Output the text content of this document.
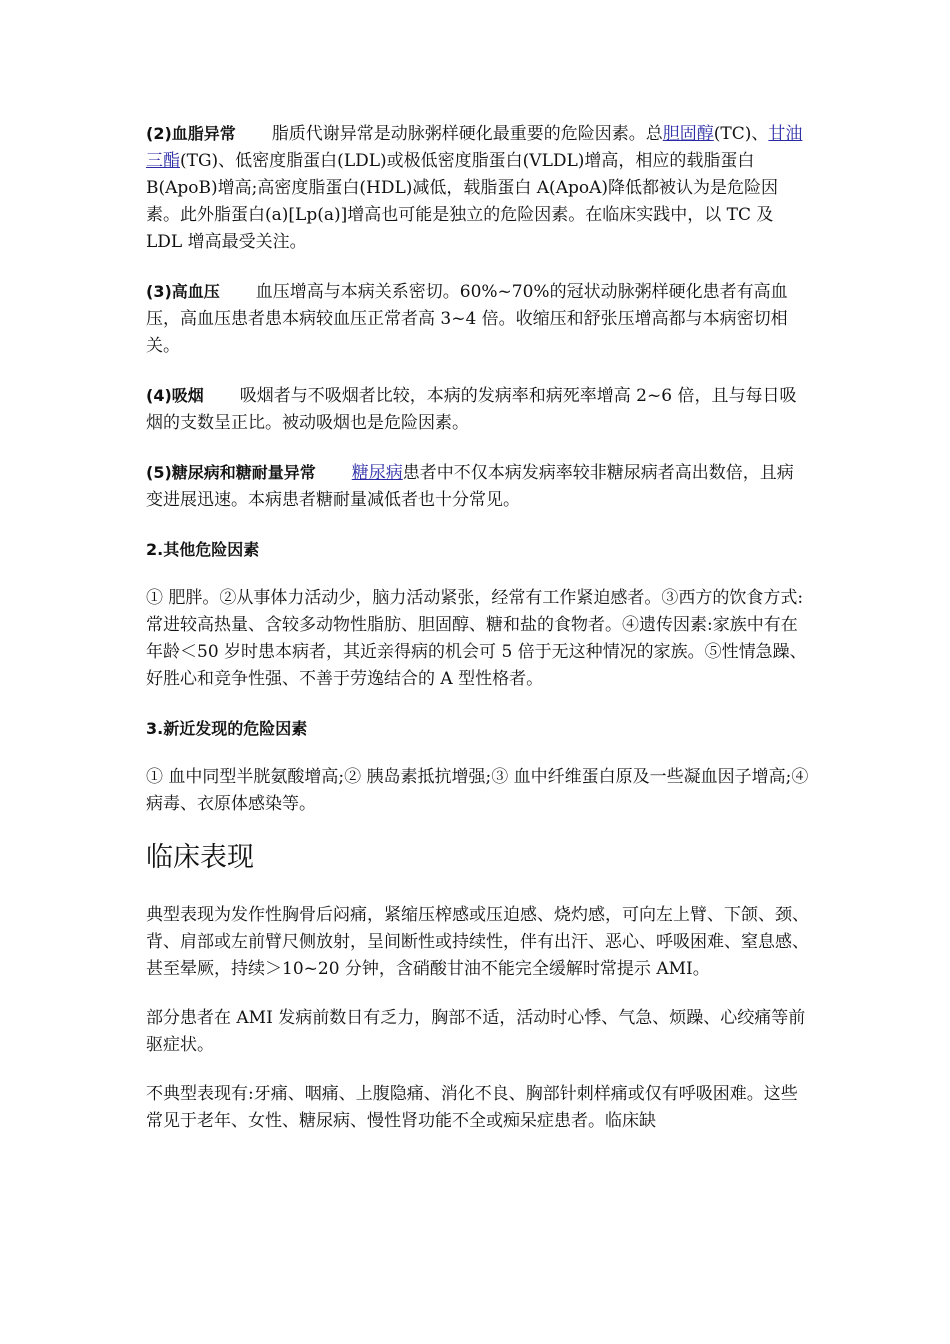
(2)血脂异常 脂质代谢异常是动脉粥样硬化最重要的危险因素。总胆固醇(TC)、甘油三酯(TG)、低密度脂蛋白(LDL)或极低密度脂蛋白(VLDL)增高，相应的载脂蛋白 B(ApoB)增高;高密度脂蛋白(HDL)减低，载脂蛋白 A(ApoA)降低都被认为是危险因素。此外脂蛋白(a)[Lp(a)]增高也可能是独立的危险因素。在临床实践中，以 TC 及 LDL 增高最受关注。

(3)高血压 血压增高与本病关系密切。60%~70%的冠状动脉粥样硬化患者有高血压，高血压患者患本病较血压正常者高 3~4 倍。收缩压和舒张压增高都与本病密切相关。

(4)吸烟 吸烟者与不吸烟者比较，本病的发病率和病死率增高 2~6 倍，且与每日吸烟的支数呈正比。被动吸烟也是危险因素。

(5)糖尿病和糖耐量异常 糖尿病患者中不仅本病发病率较非糖尿病者高出数倍，且病变进展迅速。本病患者糖耐量减低者也十分常见。

2.其他危险因素

① 肥胖。②从事体力活动少，脑力活动紧张，经常有工作紧迫感者。③西方的饮食方式:常进较高热量、含较多动物性脂肪、胆固醇、糖和盐的食物者。④遗传因素:家族中有在年龄＜50 岁时患本病者，其近亲得病的机会可 5 倍于无这种情况的家族。⑤性情急躁、好胜心和竞争性强、不善于劳逸结合的 A 型性格者。

3.新近发现的危险因素

① 血中同型半胱氨酸增高;② 胰岛素抵抗增强;③ 血中纤维蛋白原及一些凝血因子增高;④ 病毒、衣原体感染等。

临床表现

典型表现为发作性胸骨后闷痛，紧缩压榨感或压迫感、烧灼感，可向左上臂、下颌、颈、背、肩部或左前臂尺侧放射，呈间断性或持续性，伴有出汗、恶心、呼吸困难、窒息感、甚至晕厥，持续＞10~20 分钟，含硝酸甘油不能完全缓解时常提示 AMI。

部分患者在 AMI 发病前数日有乏力，胸部不适，活动时心悸、气急、烦躁、心绞痛等前驱症状。

不典型表现有:牙痛、咽痛、上腹隐痛、消化不良、胸部针刺样痛或仅有呼吸困难。这些常见于老年、女性、糖尿病、慢性肾功能不全或痴呆症患者。临床缺
